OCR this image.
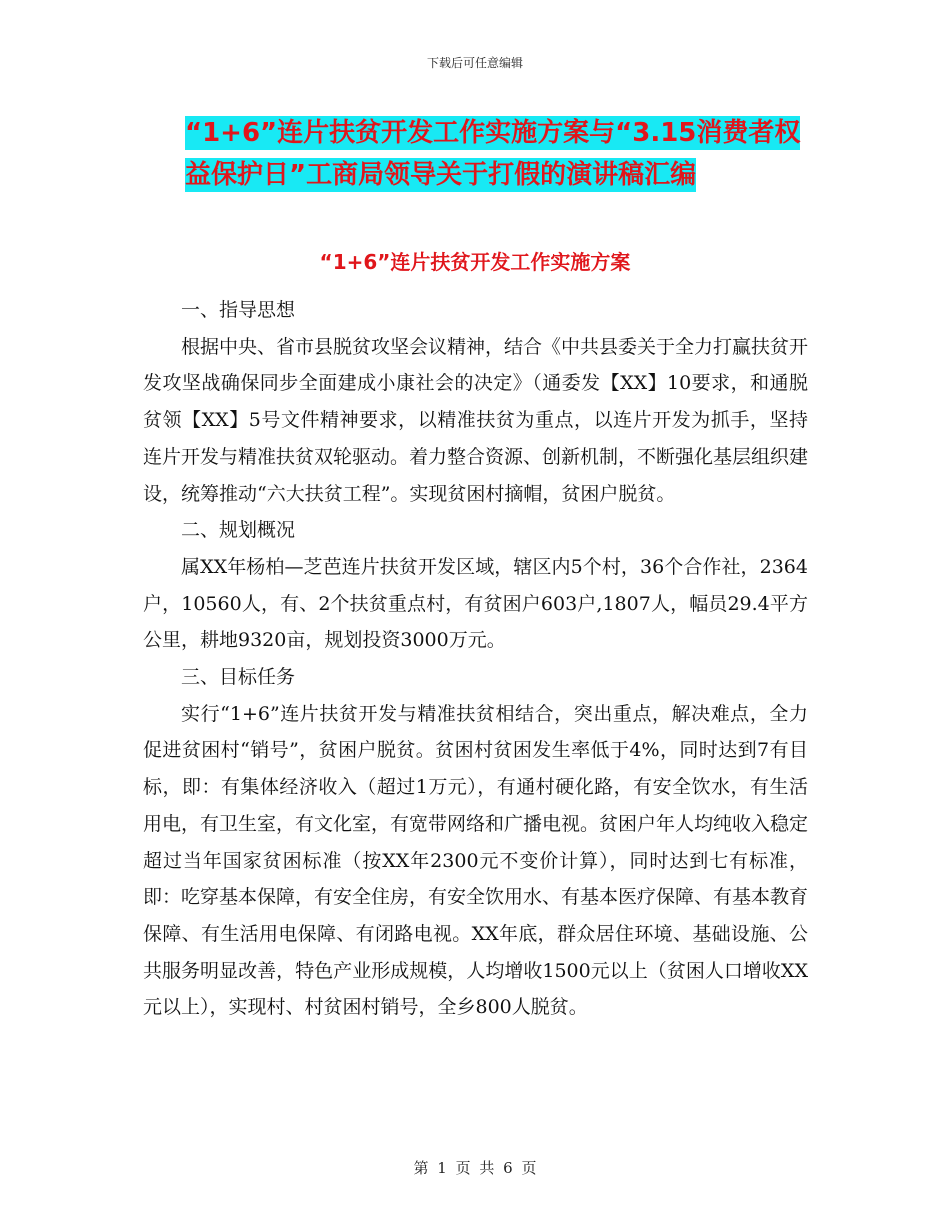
下载后可任意编辑
“1+6”连片扶贫开发工作实施方案与“3.15消费者权益保护日”工商局领导关于打假的演讲稿汇编
“1+6”连片扶贫开发工作实施方案

一、指导思想

根据中央、省市县脱贫攻坚会议精神，结合《中共县委关于全力打赢扶贫开发攻坚战确保同步全面建成小康社会的决定》（通委发【XX】10要求，和通脱贫领【XX】5号文件精神要求，以精准扶贫为重点，以连片开发为抓手，坚持连片开发与精准扶贫双轮驱动。着力整合资源、创新机制，不断强化基层组织建设，统筹推动“六大扶贫工程”。实现贫困村摘帽，贫困户脱贫。

二、规划概况

属XX年杨柏—芝芭连片扶贫开发区域，辖区内5个村，36个合作社，2364户，10560人，有、2个扶贫重点村，有贫困户603户,1807人，幅员29.4平方公里，耕地9320亩，规划投资3000万元。

三、目标任务

实行“1+6”连片扶贫开发与精准扶贫相结合，突出重点，解决难点，全力促进贫困村“销号”，贫困户脱贫。贫困村贫困发生率低于4%，同时达到7有目标，即：有集体经济收入（超过1万元），有通村硬化路，有安全饮水，有生活用电，有卫生室，有文化室，有宽带网络和广播电视。贫困户年人均纯收入稳定超过当年国家贫困标准（按XX年2300元不变价计算），同时达到七有标准，即：吃穿基本保障，有安全住房，有安全饮用水、有基本医疗保障、有基本教育保障、有生活用电保障、有闭路电视。XX年底，群众居住环境、基础设施、公共服务明显改善，特色产业形成规模，人均增收1500元以上（贫困人口增收XX元以上），实现村、村贫困村销号，全乡800人脱贫。

第 1 页 共 6 页
